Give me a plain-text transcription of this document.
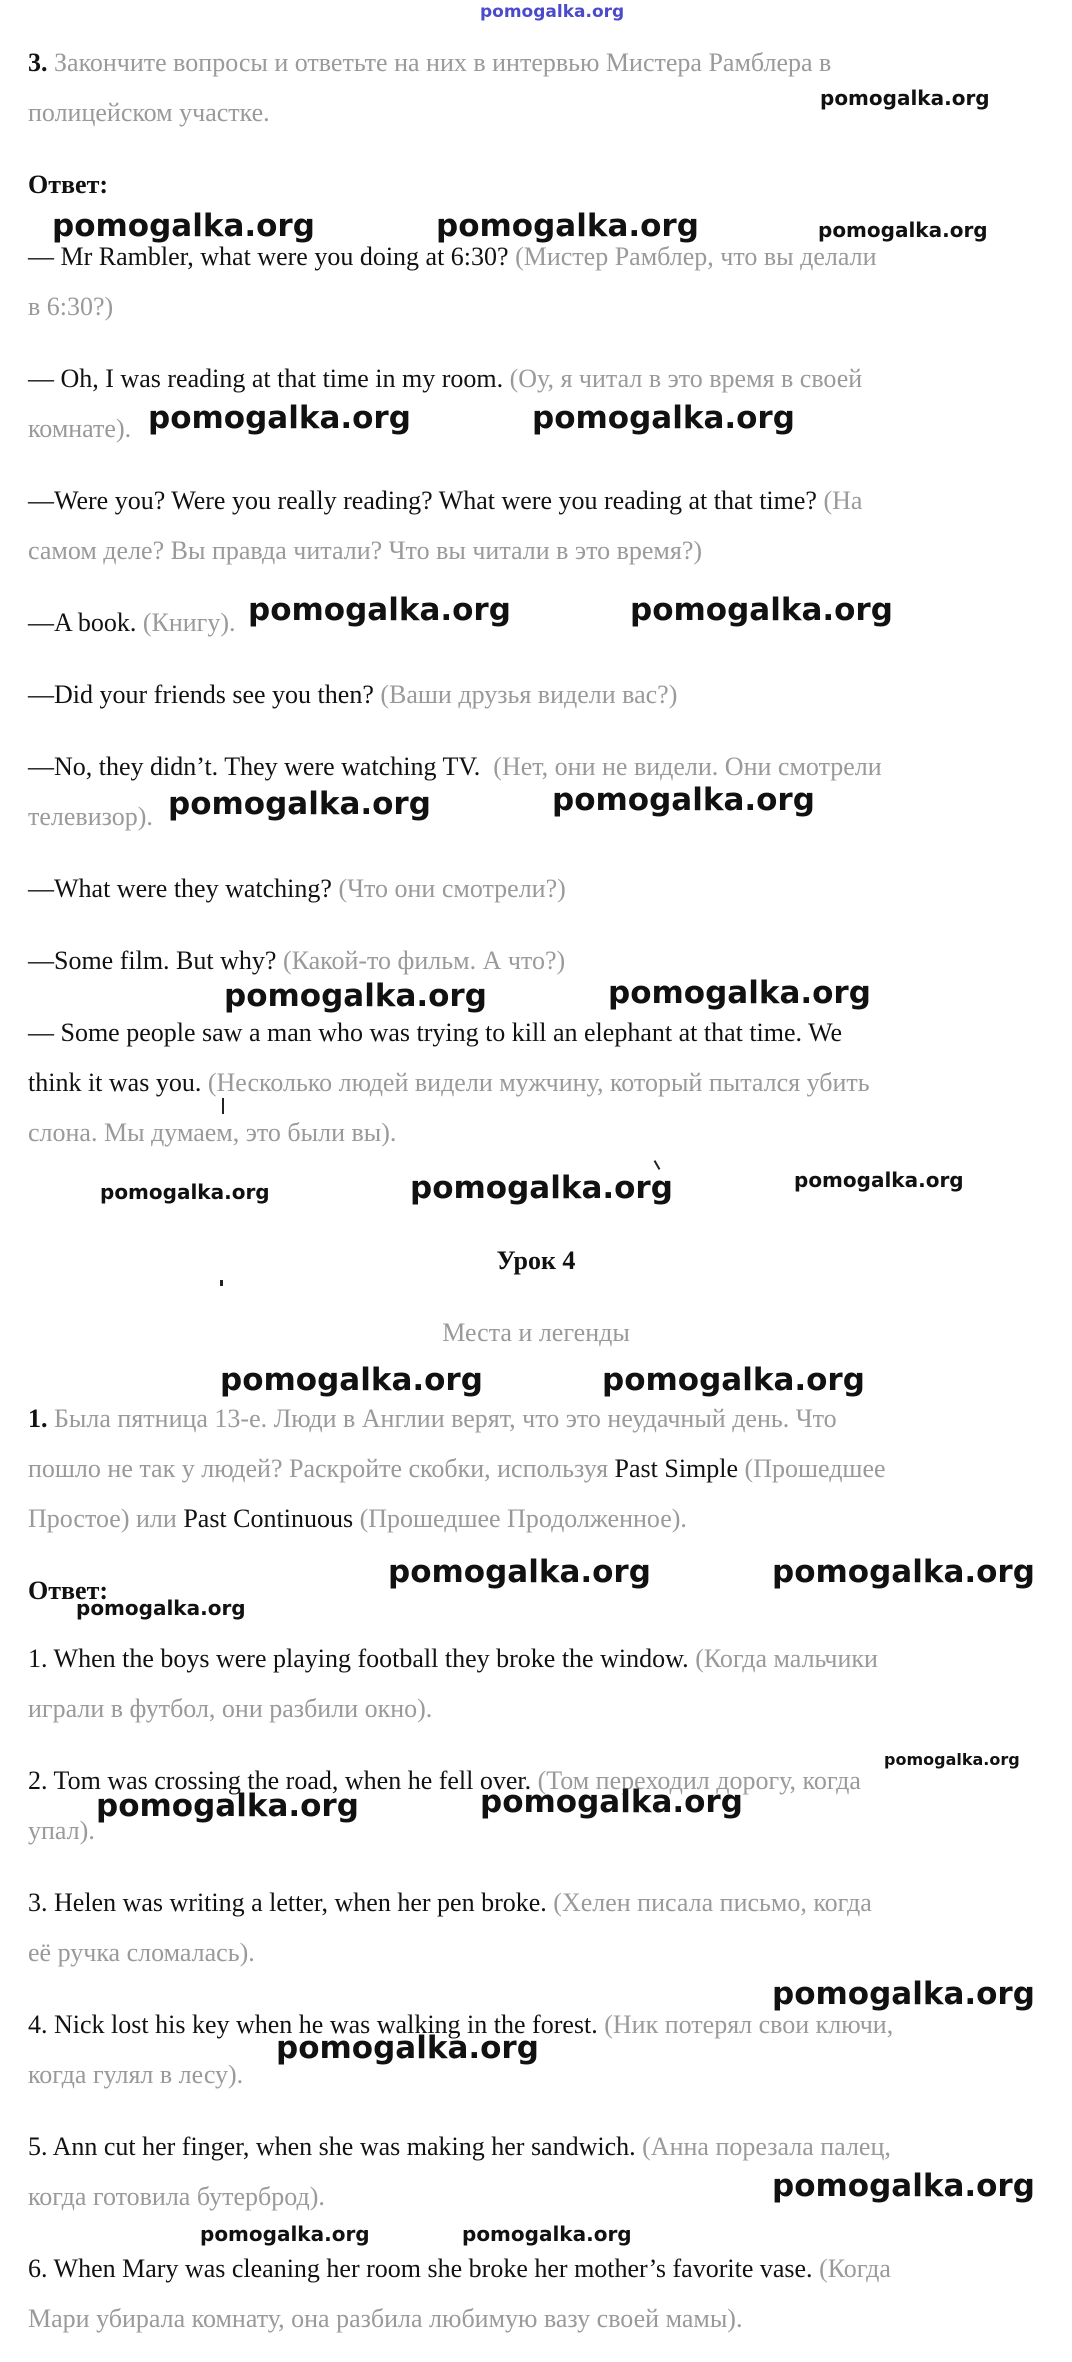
pomogalka.org
3. Закончите вопросы и ответьте на них в интервью Мистера Рамблера в
полицейском участке.
Ответ:
— Mr Rambler, what were you doing at 6:30? (Мистер Рамблер, что вы делали
в 6:30?)
— Oh, I was reading at that time in my room. (Оу, я читал в это время в своей
комнате).
—Were you? Were you really reading? What were you reading at that time? (На
самом деле? Вы правда читали? Что вы читали в это время?)
—A book. (Книгу).
—Did your friends see you then? (Ваши друзья видели вас?)
—No, they didn’t. They were watching TV. (Нет, они не видели. Они смотрели
телевизор).
—What were they watching? (Что они смотрели?)
—Some film. But why? (Какой-то фильм. А что?)
— Some people saw a man who was trying to kill an elephant at that time. We
think it was you. (Несколько людей видели мужчину, который пытался убить
слона. Мы думаем, это были вы).
Урок 4
Места и легенды
1. Была пятница 13-е. Люди в Англии верят, что это неудачный день. Что
пошло не так у людей? Раскройте скобки, используя Past Simple (Прошедшее
Простое) или Past Continuous (Прошедшее Продолженное).
Ответ:
1. When the boys were playing football they broke the window. (Когда мальчики
играли в футбол, они разбили окно).
2. Tom was crossing the road, when he fell over. (Том переходил дорогу, когда
упал).
3. Helen was writing a letter, when her pen broke. (Хелен писала письмо, когда
её ручка сломалась).
4. Nick lost his key when he was walking in the forest. (Ник потерял свои ключи,
когда гулял в лесу).
5. Ann cut her finger, when she was making her sandwich. (Анна порезала палец,
когда готовила бутерброд).
6. When Mary was cleaning her room she broke her mother’s favorite vase. (Когда
Мари убирала комнату, она разбила любимую вазу своей мамы).
pomogalka.org
pomogalka.org	pomogalka.org	pomogalka.org
pomogalka.org	pomogalka.org
pomogalka.org	pomogalka.org
pomogalka.org	pomogalka.org
pomogalka.org	pomogalka.org
pomogalka.org	pomogalka.org	pomogalka.org
pomogalka.org	pomogalka.org
pomogalka.org	pomogalka.org
pomogalka.org
pomogalka.org
pomogalka.org	pomogalka.org
pomogalka.org
pomogalka.org
pomogalka.org
pomogalka.org	pomogalka.org
